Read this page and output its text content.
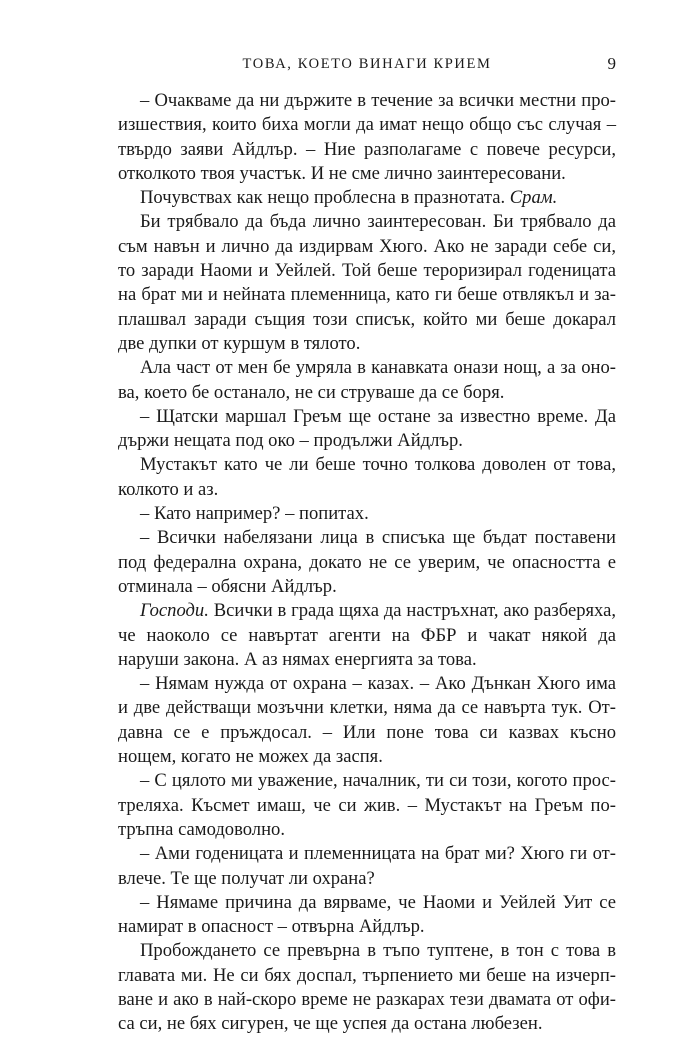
ТОВА, КОЕТО ВИНАГИ КРИЕМ	9

– Очакваме да ни държите в течение за всички местни произшествия, които биха могли да имат нещо общо със случая – твърдо заяви Айдлър. – Ние разполагаме с повече ресурси, отколкото твоя участък. И не сме лично заинтересовани.

Почувствах как нещо проблесна в празнотата. Срам.

Би трябвало да бъда лично заинтересован. Би трябвало да съм навън и лично да издирвам Хюго. Ако не заради себе си, то заради Наоми и Уейлей. Той беше тероризирал годеницата на брат ми и нейната племенница, като ги беше отвлякъл и заплашвал заради същия този списък, който ми беше докарал две дупки от куршум в тялото.

Ала част от мен бе умряла в канавката онази нощ, а за онова, което бе останало, не си струваше да се боря.

– Щатски маршал Греъм ще остане за известно време. Да държи нещата под око – продължи Айдлър.

Мустакът като че ли беше точно толкова доволен от това, колкото и аз.

– Като например? – попитах.

– Всички набелязани лица в списъка ще бъдат поставени под федерална охрана, докато не се уверим, че опасността е отминала – обясни Айдлър.

Господи. Всички в града щяха да настръхнат, ако разберяха, че наоколо се навъртат агенти на ФБР и чакат някой да наруши закона. А аз нямах енергията за това.

– Нямам нужда от охрана – казах. – Ако Дънкан Хюго има и две действащи мозъчни клетки, няма да се навърта тук. Отдавна се е пръждосал. – Или поне това си казвах късно нощем, когато не можех да заспя.

– С цялото ми уважение, началник, ти си този, когото простреляха. Късмет имаш, че си жив. – Мустакът на Греъм потръпна самодоволно.

– Ами годеницата и племенницата на брат ми? Хюго ги отвлече. Те ще получат ли охрана?

– Нямаме причина да вярваме, че Наоми и Уейлей Уит се намират в опасност – отвърна Айдлър.

Пробождането се превърна в тъпо туптене, в тон с това в главата ми. Не си бях доспал, търпението ми беше на изчерпване и ако в най-скоро време не разкарах тези двамата от офиса си, не бях сигурен, че ще успея да остана любезен.
